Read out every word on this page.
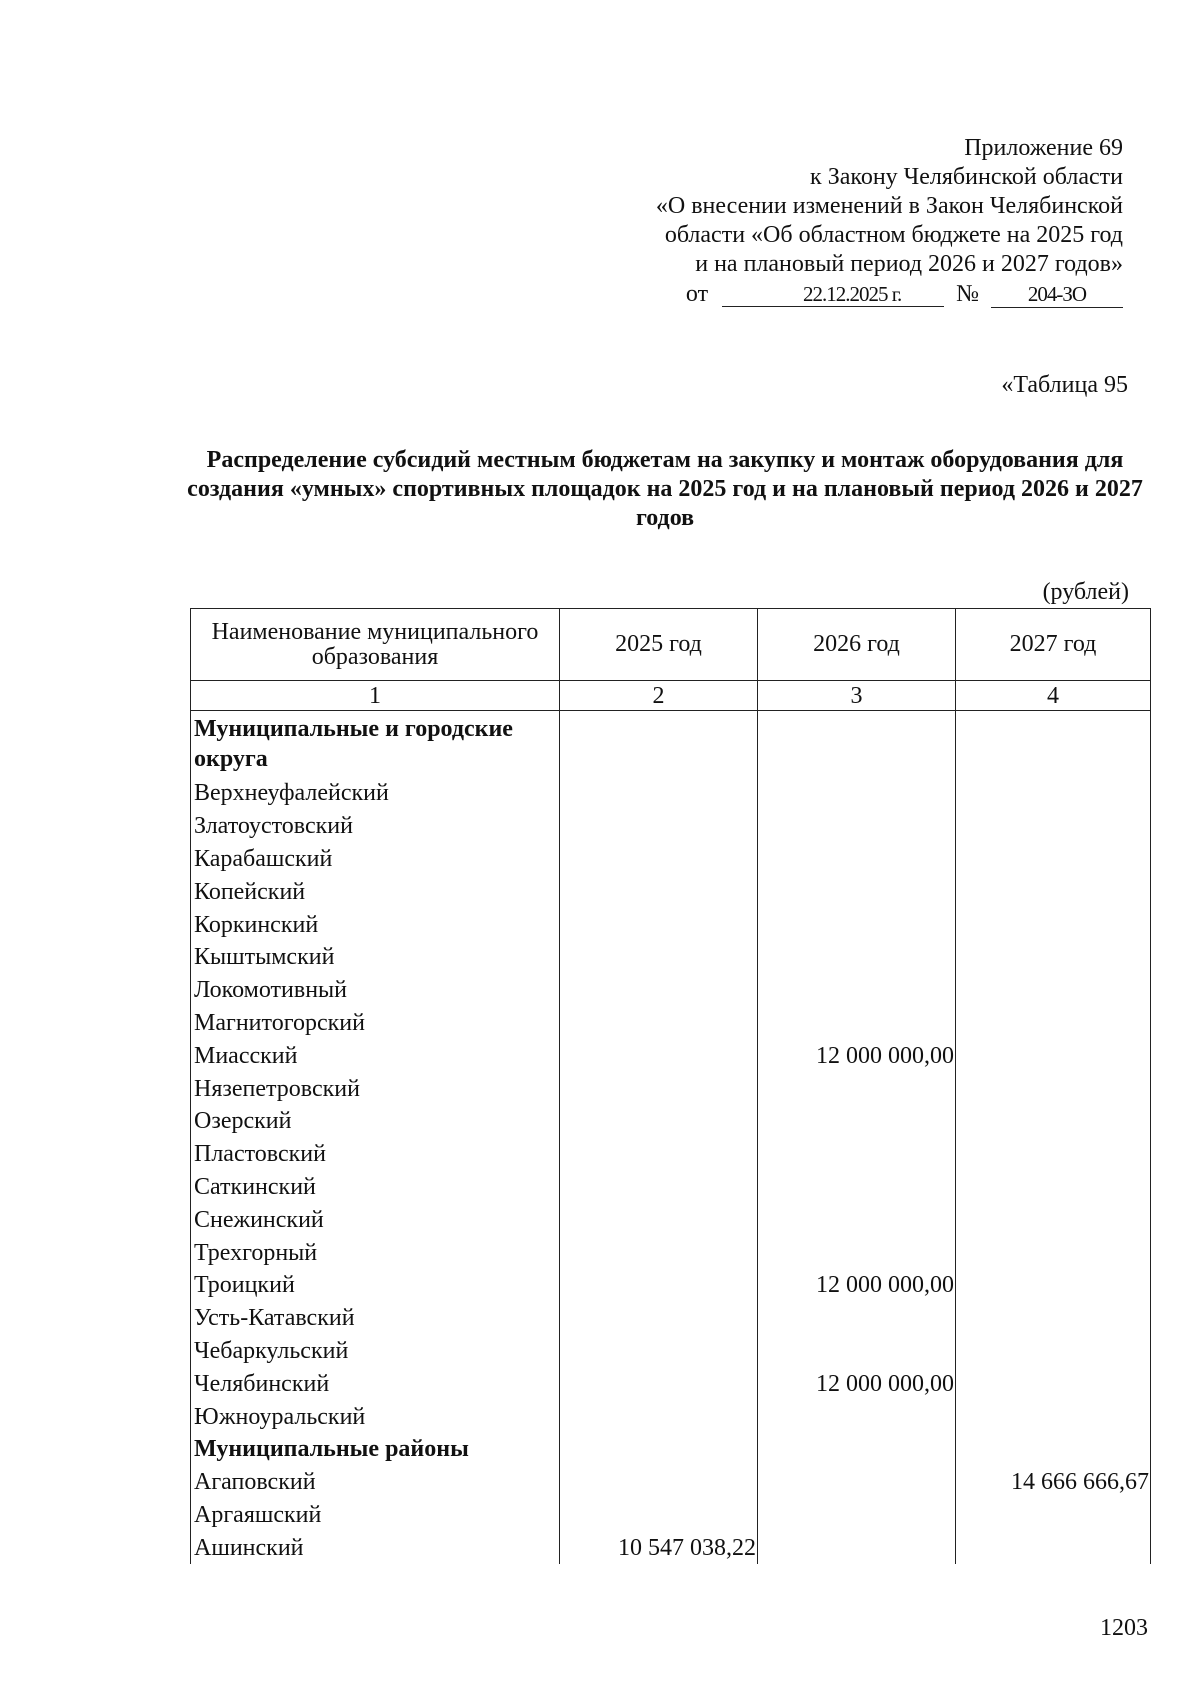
Приложение 69
к Закону Челябинской области
«О внесении изменений в Закон Челябинской
области «Об областном бюджете на 2025 год
и на плановый период 2026 и 2027 годов»
от	22.12.2025 г. № 204-ЗО
«Таблица 95
Распределение субсидий местным бюджетам на закупку и монтаж оборудования для создания «умных» спортивных площадок на 2025 год и на плановый период 2026 и 2027 годов
(рублей)
Наименование муниципального образования	2025 год	2026 год	2027 год
1	2	3	4
Муниципальные и городские округа			
Верхнеуфалейский			
Златоустовский			
Карабашский			
Копейский			
Коркинский			
Кыштымский			
Локомотивный			
Магнитогорский			
Миасский		12 000 000,00	
Нязепетровский			
Озерский			
Пластовский			
Саткинский			
Снежинский			
Трехгорный			
Троицкий		12 000 000,00	
Усть-Катавский			
Чебаркульский			
Челябинский		12 000 000,00	
Южноуральский			
Муниципальные районы			
Агаповский			14 666 666,67
Аргаяшский			
Ашинский	10 547 038,22		
1203
